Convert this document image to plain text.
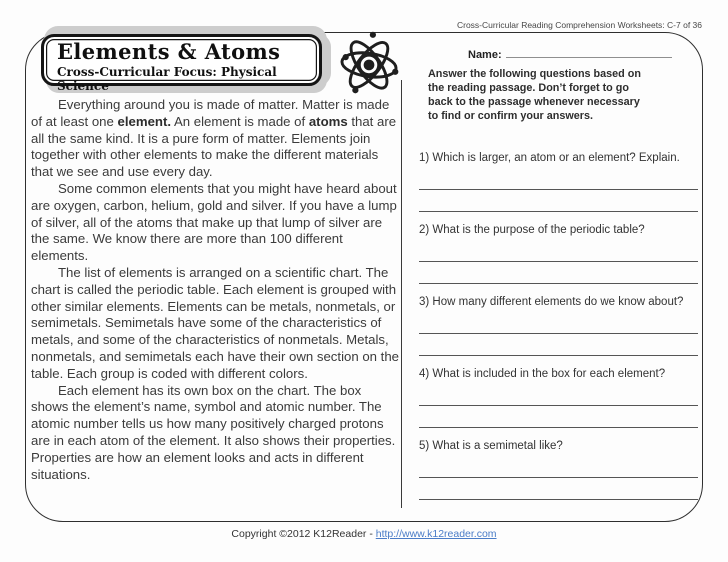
Cross-Curricular Reading Comprehension Worksheets: C-7 of 36
Elements & Atoms
Cross-Curricular Focus: Physical Science
Name:
Answer the following questions based on the reading passage. Don’t forget to go back to the passage whenever necessary to find or confirm your answers.

Everything around you is made of matter. Matter is made of at least one element. An element is made of atoms that are all the same kind. It is a pure form of matter. Elements join together with other elements to make the different materials that we see and use every day.

Some common elements that you might have heard about are oxygen, carbon, helium, gold and silver. If you have a lump of silver, all of the atoms that make up that lump of silver are the same. We know there are more than 100 different elements.

The list of elements is arranged on a scientific chart. The chart is called the periodic table. Each element is grouped with other similar elements. Elements can be metals, nonmetals, or semimetals. Semimetals have some of the characteristics of metals, and some of the characteristics of nonmetals. Metals, nonmetals, and semimetals each have their own section on the table. Each group is coded with different colors.

Each element has its own box on the chart. The box shows the element’s name, symbol and atomic number. The atomic number tells us how many positively charged protons are in each atom of the element. It also shows their properties. Properties are how an element looks and acts in different situations.

1) Which is larger, an atom or an element? Explain.
2) What is the purpose of the periodic table?
3) How many different elements do we know about?
4) What is included in the box for each element?
5) What is a semimetal like?
Copyright ©2012 K12Reader - http://www.k12reader.com
